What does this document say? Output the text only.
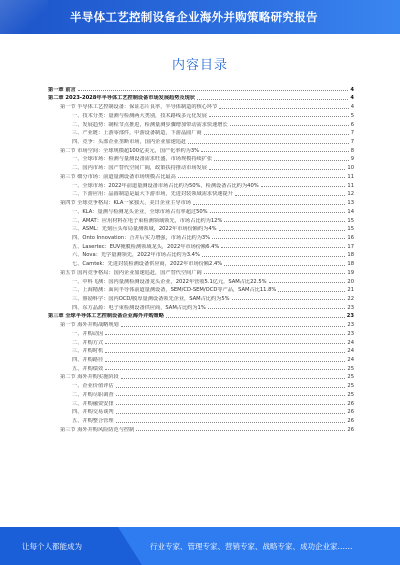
半导体工艺控制设备企业海外并购策略研究报告
内容目录
第一章 前言	4
第二章 2023-2028年半导体工艺控制设备市场发展趋势及现状	4
第一节 半导体工艺控制设备：保证芯片良率，半导体制造的核心环节	4
一、技术分类：量测与检测两大类别，技术路线多元化发展	5
二、发展趋势：制程节点推进，检测量测步骤增加带动需求快速增长	6
三、产业链：上游零部件，中游设备制造，下游晶圆厂商	7
四、竞争：头部企业垄断市场，国内企业加速追赶	7
第二节 市场空间：全球规模超100亿美元，国产化率约为3%	8
一、全球市场：检测与量测设备需求旺盛，市场规模持续扩张	9
二、国内市场：国产替代空间广阔，政策扶持推动市场发展	10
第三节 细分市场：前道量测设备市场规模占比最高	11
一、全球市场：2022年前道量测设备市场占比约为50%，检测设备占比约为40%	11
二、下游应用：晶圆制造是最大下游市场，先进封装领域需求快速提升	12
第四节 全球竞争格局：KLA一家独大，美日企业主导市场	13
一、KLA：量测与检测龙头企业，全球市场占有率超过50%	14
二、AMAT：应用材料在电子束检测领域领先，市场占比约为12%	15
三、ASML：光刻巨头布局量测领域，2022年市场份额约为4%	15
四、Onto Innovation：合并后实力增强，市场占比约为3%	16
五、Lasertec：EUV掩膜检测领域龙头，2022年市场份额6.4%	17
六、Nova：光学量测领先，2022年市场占比约为3.4%	18
七、Camtek：先进封装检测设备供应商，2022年市场份额2.4%	18
第五节 国内竞争格局：国内企业加速追赶，国产替代空间广阔	19
一、中科飞测：国内量测检测设备龙头企业，2022年营收5.1亿元，SAM占比22.5%	20
二、上海精测：面向半导体前道量测设备，SEM/CD-SEM/OCD等产品，SAM占比11.8%	21
三、睿励科学：国内OCD/膜厚量测设备领先企业，SAM占比约为5%	22
四、东方晶源：电子束检测设备供应商，SAM占比约为1%	23
第三章 全球半导体工艺控制设备企业海外并购策略	23
第一节 海外并购战略规划	23
一、并购动因	23
二、并购方式	24
三、并购时机	24
四、并购路径	24
五、并购绩效	25
第二节 海外并购实施阶段	25
一、企业价值评估	25
二、并购尽职调查	25
三、并购融资安排	26
四、并购交易谈判	26
五、并购整合管理	26
第三节 海外并购风险防范与控制	26
让每个人都能成为	行业专家、管理专家、营销专家、战略专家、成功企业家……
